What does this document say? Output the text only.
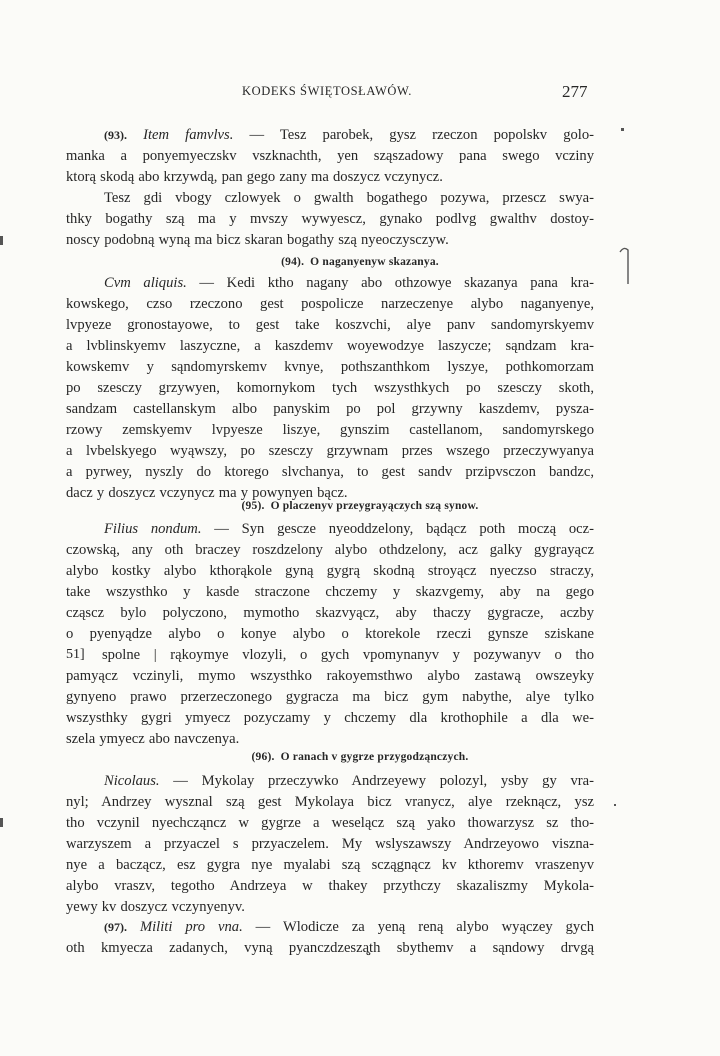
KODEKS ŚWIĘTOSŁAWÓW.	277

(93). Item famvlvs. — Tesz parobek, gysz rzeczon popolskv golo-
manka a ponyemyeczskv vszknachth, yen sząszadowy pana swego vcziny
ktorą skodą abo krzywdą, pan gego zany ma doszycz vczynycz.

Tesz gdi vbogy czlowyek o gwalth bogathego pozywa, przescz swya-
thky bogathy szą ma y mvszy wywyescz, gynako podlvg gwalthv dostoy-
noscy podobną wyną ma bicz skaran bogathy szą nyeoczysczyw.

(94). O naganyenyw skazanya.

Cvm aliquis. — Kedi ktho nagany abo othzowye skazanya pana kra-
kowskego, czso rzeczono gest pospolicze narzeczenye alybo naganyenye,
lvpyeze gronostayowe, to gest take koszvchi, alye panv sandomyrskyemv
a lvblinskyemv laszyczne, a kaszdemv woyewodzye laszycze; sąndzam kra-
kowskemv y sąndomyrskemv kvnye, pothszanthkom lyszye, pothkomorzam
po szesczy grzywyen, komornykom tych wszysthkych po szesczy skoth,
sandzam castellanskym albo panyskim po pol grzywny kaszdemv, pysza-
rzowy zemskyemv lvpyesze liszye, gynszim castellanom, sandomyrskego
a lvbelskyego wyąwszy, po szesczy grzywnam przes wszego przeczywyanya
a pyrwey, nyszly do ktorego slvchanya, to gest sandv przipvsczon bandzc,
dacz y doszycz vczynycz ma y powynyen bącz.

(95). O placzenyv przeygrayączych szą synow.

Filius nondum. — Syn gescze nyeoddzelony, bądącz poth moczą ocz-
czowską, any oth braczey roszdzelony alybo othdzelony, acz galky gygrayącz
alybo kostky alybo kthorąkole gyną gygrą skodną stroyącz nyeczso straczy,
take wszysthko y kasde straczone chczemy y skazvgemy, aby na gego
cząscz bylo polyczono, mymotho skazvyącz, aby thaczy gygracze, aczby
o pyenyądze alybo o konye alybo o ktorekole rzeczi gynsze sziskane
spolne | rąkoymye vlozyli, o gych vpomynanyv y pozywanyv o tho
pamyącz vczinyli, mymo wszysthko rakoyemsthwo alybo zastawą owszeyky
gynyeno prawo przerzeczonego gygracza ma bicz gym nabythe, alye tylko
wszysthky gygri ymyecz pozyczamy y chczemy dla krothophile a dla we-
szela ymyecz abo navczenya.

51]
(96). O ranach v gygrze przygodząnczych.

Nicolaus. — Mykolay przeczywko Andrzeyewy polozyl, ysby gy vra-
nyl; Andrzey wysznal szą gest Mykolaya bicz vranycz, alye rzeknącz, ysz
tho vczynil nyechcząncz w gygrze a weselącz szą yako thowarzysz sz tho-
warzyszem a przyaczel s przyaczelem. My wslyszawszy Andrzeyowo viszna-
nye a baczącz, esz gygra nye myalabi szą sczągnącz kv kthoremv vraszenyv
alybo vraszv, tegotho Andrzeya w thakey przythczy skazaliszmy Mykola-
yewy kv doszycz vczynyenyv.

(97). Militi pro vna. — Wlodicze za yeną reną alybo wyączey gych
oth kmyecza zadanych, vyną pyanczdzeszą̧th sbythemv a sąndowy drvgą
